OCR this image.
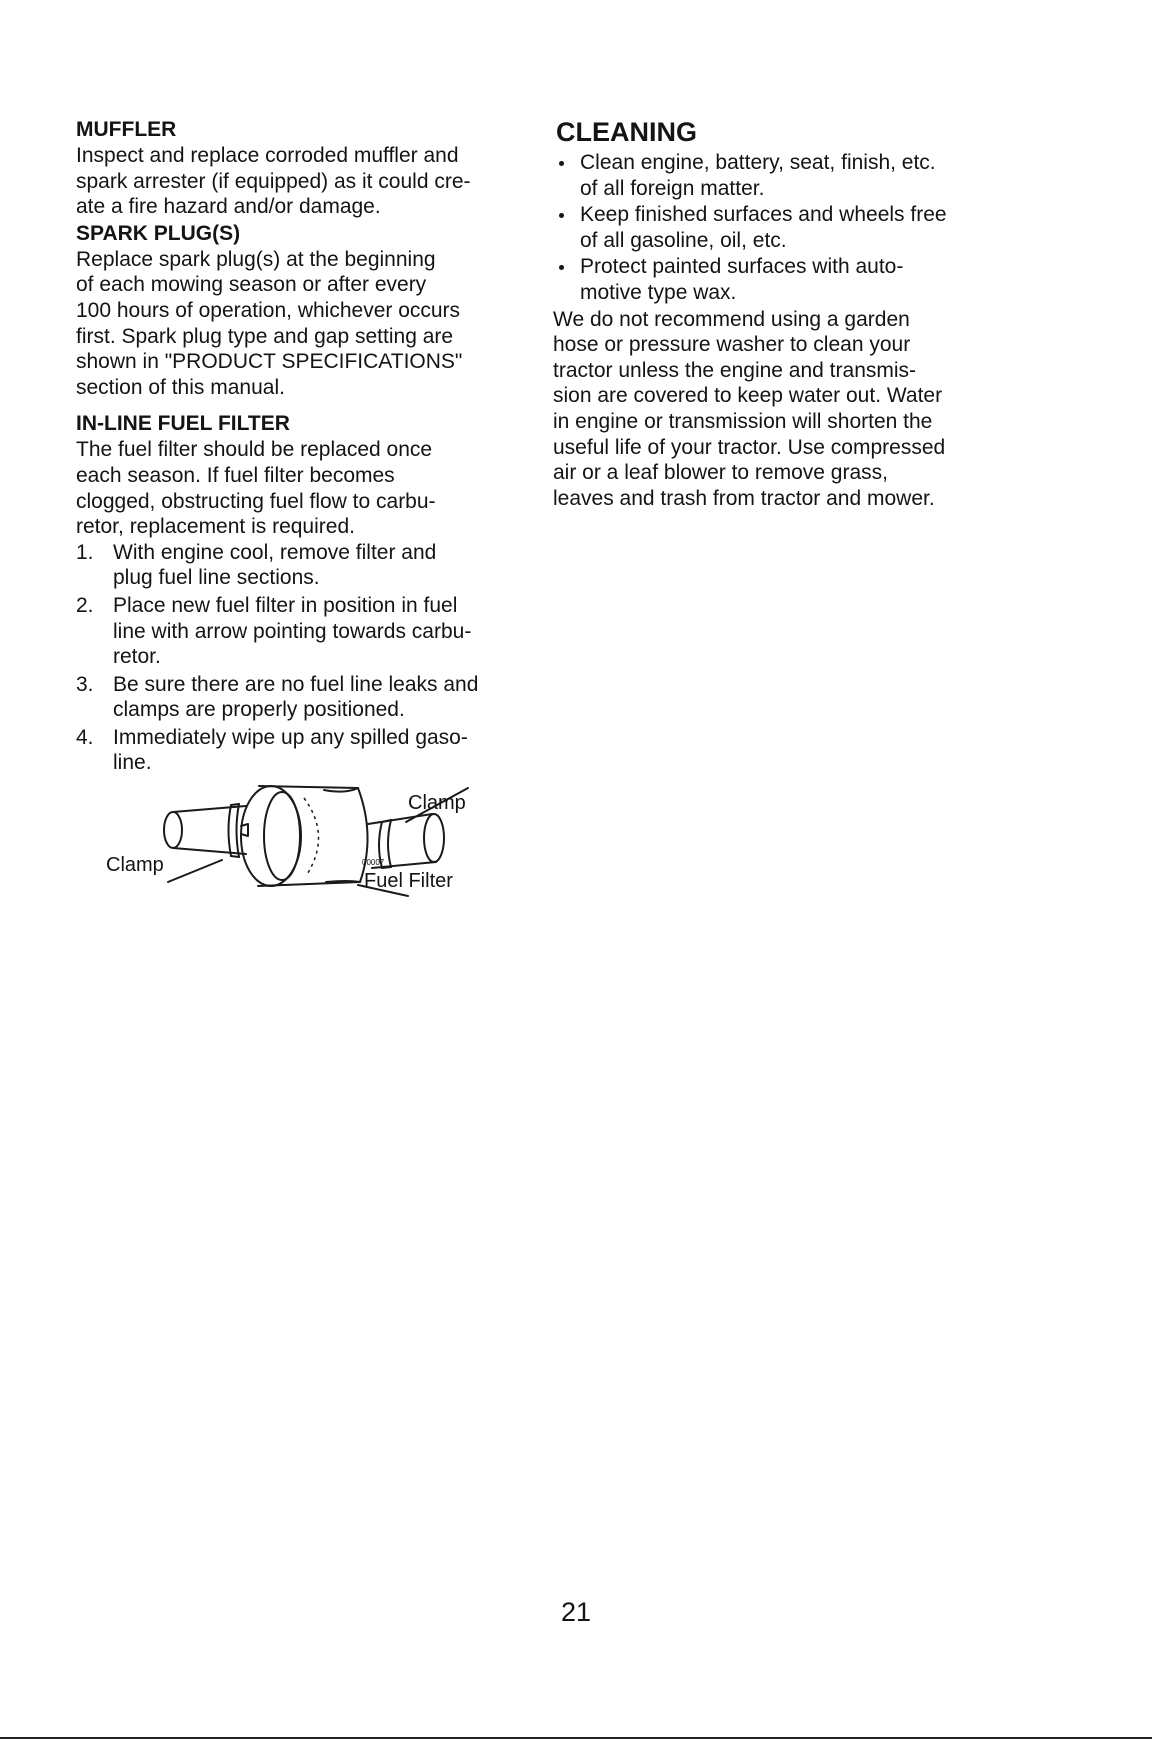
MUFFLER

Inspect and replace corroded muffler and
spark arrester (if equipped) as it could cre-
ate a fire hazard and/or damage.

SPARK PLUG(S)

Replace spark plug(s) at the beginning
of each mowing season or after every
100 hours of operation, whichever occurs
first. Spark plug type and gap setting are
shown in "PRODUCT SPECIFICATIONS"
section of this manual.

IN-LINE FUEL FILTER

The fuel filter should be replaced once
each season. If fuel filter becomes
clogged, obstructing fuel flow to carbu-
retor, replacement is required.

1. With engine cool, remove filter and
plug fuel line sections.
2. Place new fuel filter in position in fuel
line with arrow pointing towards carbu-
retor.
3. Be sure there are no fuel line leaks and
clamps are properly positioned.
4. Immediately wipe up any spilled gaso-
line.
Clamp
Clamp
Fuel Filter
00007
CLEANING
Clean engine, battery, seat, finish, etc.
of all foreign matter.
Keep finished surfaces and wheels free
of all gasoline, oil, etc.
Protect painted surfaces with auto-
motive type wax.

We do not recommend using a garden
hose or pressure washer to clean your
tractor unless the engine and transmis-
sion are covered to keep water out. Water
in engine or transmission will shorten the
useful life of your tractor. Use compressed
air or a leaf blower to remove grass,
leaves and trash from tractor and mower.

21
